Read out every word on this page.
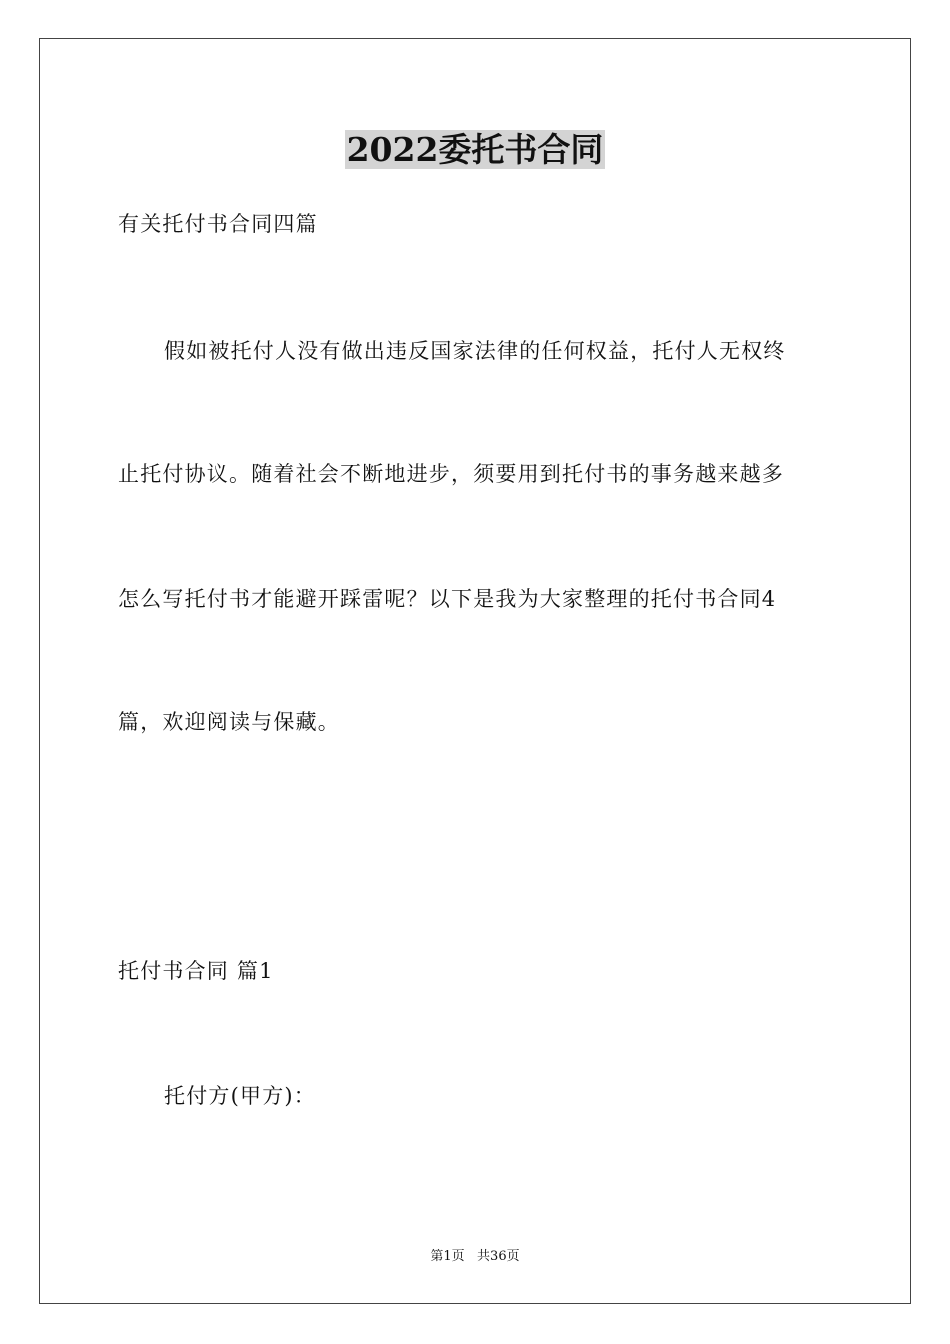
2022委托书合同
有关托付书合同四篇
假如被托付人没有做出违反国家法律的任何权益，托付人无权终
止托付协议。随着社会不断地进步，须要用到托付书的事务越来越多
怎么写托付书才能避开踩雷呢？以下是我为大家整理的托付书合同4
篇，欢迎阅读与保藏。
托付书合同 篇1
托付方(甲方)：
第1页   共36页
